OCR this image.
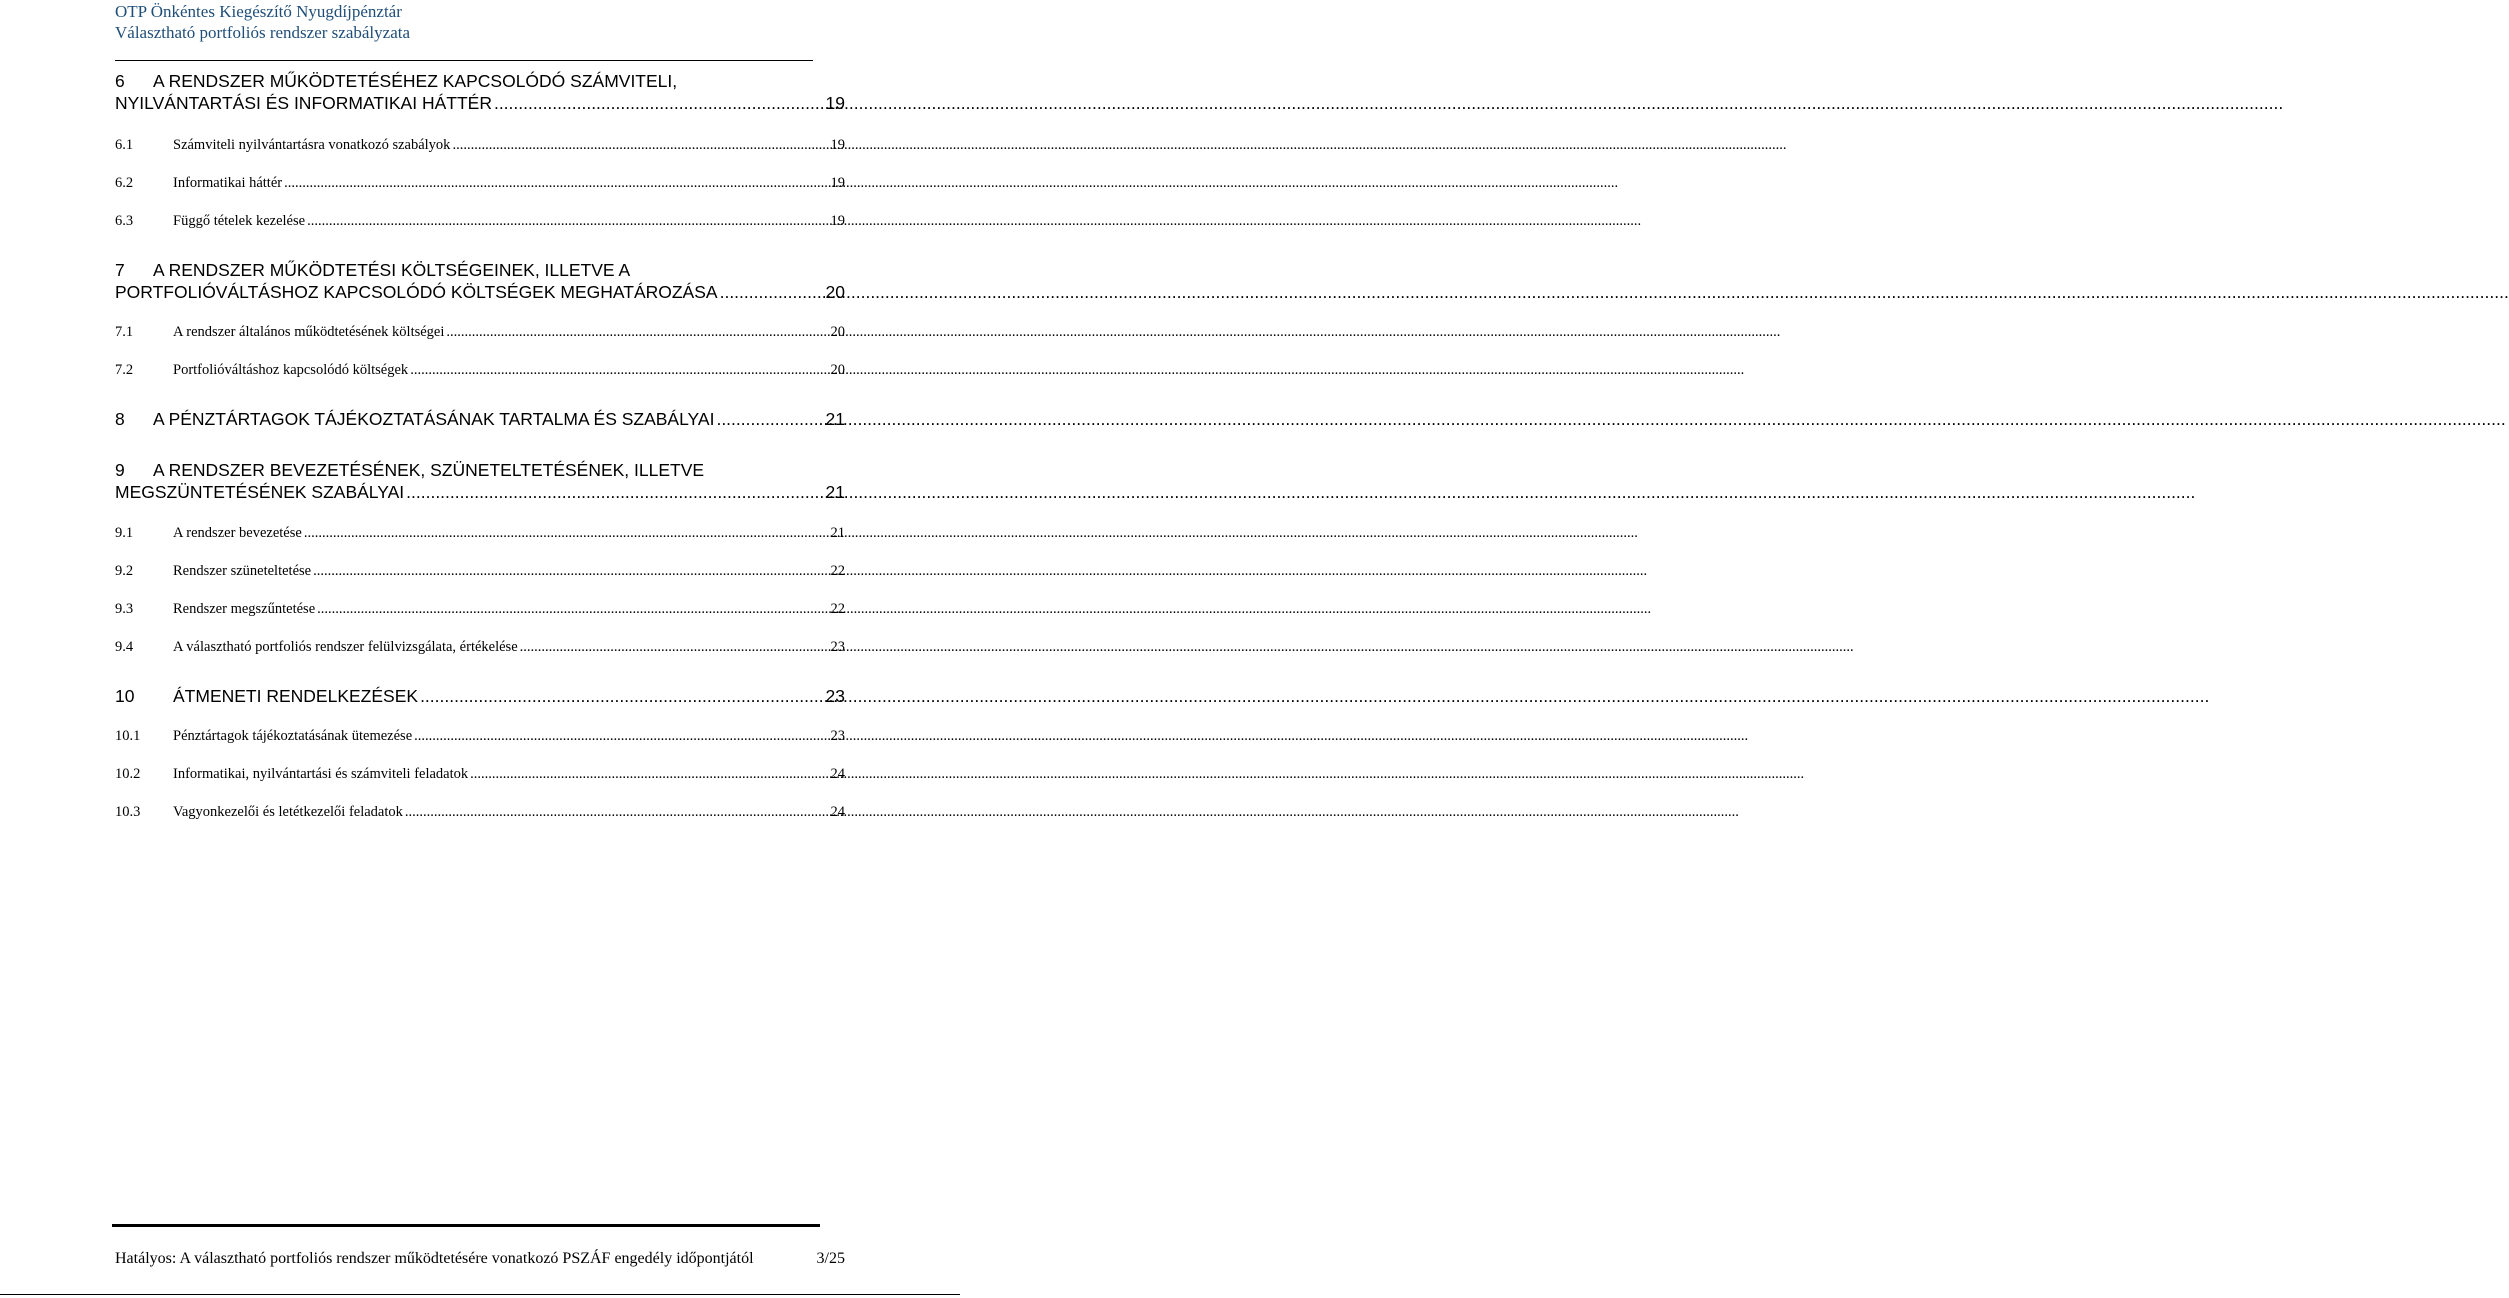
OTP Önkéntes Kiegészítő Nyugdíjpénztár
Választható portfoliós rendszer szabályzata
6	A RENDSZER MŰKÖDTETÉSÉHEZ KAPCSOLÓDÓ SZÁMVITELI,
NYILVÁNTARTÁSI ÉS INFORMATIKAI HÁTTÉR .....	19
6.1	Számviteli nyilvántartásra vonatkozó szabályok .....	19
6.2	Informatikai háttér .....	19
6.3	Függő tételek kezelése .....	19
7	A RENDSZER MŰKÖDTETÉSI KÖLTSÉGEINEK, ILLETVE A
PORTFOLIÓVÁLTÁSHOZ KAPCSOLÓDÓ KÖLTSÉGEK MEGHATÁROZÁSA .....	20
7.1	A rendszer általános működtetésének költségei .....	20
7.2	Portfolióváltáshoz kapcsolódó költségek .....	20
8	A PÉNZTÁRTAGOK TÁJÉKOZTATÁSÁNAK TARTALMA ÉS SZABÁLYAI .....	21
9	A RENDSZER BEVEZETÉSÉNEK, SZÜNETELTETÉSÉNEK, ILLETVE
MEGSZÜNTETÉSÉNEK SZABÁLYAI .....	21
9.1	A rendszer bevezetése .....	21
9.2	Rendszer szüneteltetése .....	22
9.3	Rendszer megszűntetése .....	22
9.4	A választható portfoliós rendszer felülvizsgálata, értékelése .....	23
10	ÁTMENETI RENDELKEZÉSEK .....	23
10.1	Pénztártagok tájékoztatásának ütemezése .....	23
10.2	Informatikai, nyilvántartási és számviteli feladatok .....	24
10.3	Vagyonkezelői és letétkezelői feladatok .....	24
Hatályos: A választható portfoliós rendszer működtetésére vonatkozó PSZÁF engedély időpontjától	3/25
